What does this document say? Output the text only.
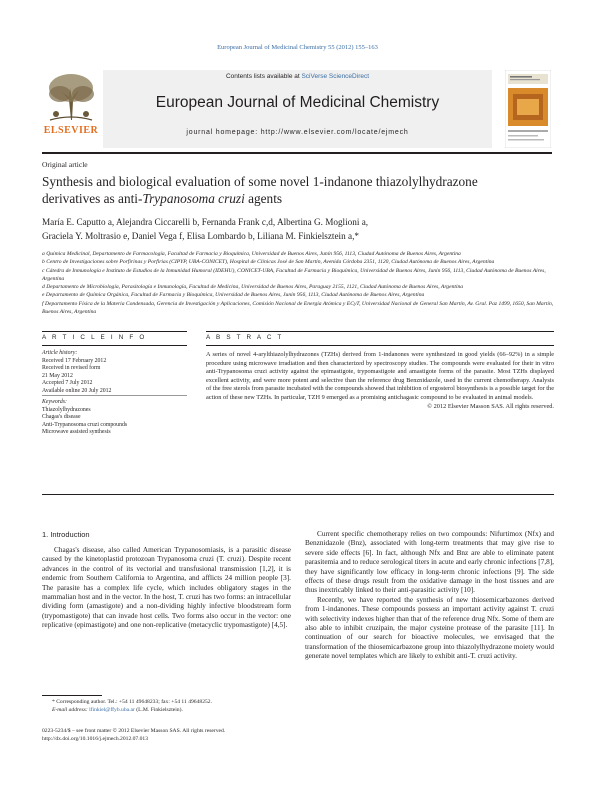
European Journal of Medicinal Chemistry 55 (2012) 155–163
Contents lists available at SciVerse ScienceDirect
European Journal of Medicinal Chemistry
journal homepage: http://www.elsevier.com/locate/ejmech
ELSEVIER
Original article
Synthesis and biological evaluation of some novel 1-indanone thiazolylhydrazone
derivatives as anti-Trypanosoma cruzi agents
María E. Caputto a, Alejandra Ciccarelli b, Fernanda Frank c,d, Albertina G. Moglioni a,
Graciela Y. Moltrasio e, Daniel Vega f, Elisa Lombardo b, Liliana M. Finkielsztein a,*
a Química Medicinal, Departamento de Farmacología, Facultad de Farmacia y Bioquímica, Universidad de Buenos Aires, Junín 956, 1113, Ciudad Autónoma de Buenos Aires, Argentina
b Centro de Investigaciones sobre Porfirinas y Porfirias (CIPYP, UBA-CONICET), Hospital de Clínicas José de San Martín, Avenida Córdoba 2351, 1120, Ciudad Autónoma de Buenos Aires, Argentina
c Cátedra de Inmunología e Instituto de Estudios de la Inmunidad Humoral (IDEHU), CONICET-UBA, Facultad de Farmacia y Bioquímica, Universidad de Buenos Aires, Junín 956, 1113, Ciudad Autónoma de Buenos Aires, Argentina
d Departamento de Microbiología, Parasitología e Inmunología, Facultad de Medicina, Universidad de Buenos Aires, Paraguay 2155, 1121, Ciudad Autónoma de Buenos Aires, Argentina
e Departamento de Química Orgánica, Facultad de Farmacia y Bioquímica, Universidad de Buenos Aires, Junín 956, 1113, Ciudad Autónoma de Buenos Aires, Argentina
f Departamento Física de la Materia Condensada, Gerencia de Investigación y Aplicaciones, Comisión Nacional de Energía Atómica y ECyT, Universidad Nacional de General San Martín, Av. Gral. Paz 1499, 1650, San Martín, Buenos Aires, Argentina
A R T I C L E I N F O	A B S T R A C T
Article history:
Received 17 February 2012
Received in revised form
21 May 2012
Accepted 7 July 2012
Available online 20 July 2012
Keywords:
Thiazolylhydrazones
Chagas's disease
Anti-Trypanosoma cruzi compounds
Microwave assisted synthesis
A series of novel 4-arylthiazolylhydrazones (TZHs) derived from 1-indanones were synthesized in good yields (66–92%) in a simple procedure using microwave irradiation and then characterized by spectroscopy studies. The compounds were evaluated for their in vitro anti-Trypanosoma cruzi activity against the epimastigote, trypomastigote and amastigote forms of the parasite. Most TZHs displayed excellent activity, and were more potent and selective than the reference drug Benznidazole, used in the current chemotherapy. Analysis of the free sterols from parasite incubated with the compounds showed that inhibition of ergosterol biosynthesis is a possible target for the action of these new TZHs. In particular, TZH 9 emerged as a promising antichagasic compound to be evaluated in animal models.
© 2012 Elsevier Masson SAS. All rights reserved.
1. Introduction

Chagas's disease, also called American Trypanosomiasis, is a parasitic disease caused by the kinetoplastid protozoan Trypanosoma cruzi (T. cruzi). Despite recent advances in the control of its vectorial and transfusional transmission [1,2], it is endemic from Southern California to Argentina, and afflicts 24 million people [3]. The parasite has a complex life cycle, which includes obligatory stages in the mammalian host and in the vector. In the host, T. cruzi has two forms: an intracellular dividing form (amastigote) and a non-dividing highly infective bloodstream form (trypomastigote) that can invade host cells. Two forms also occur in the vector: one replicative (epimastigote) and one non-replicative (metacyclic trypomastigote) [4,5].

Current specific chemotherapy relies on two compounds: Nifurtimox (Nfx) and Benznidazole (Bnz), associated with long-term treatments that may give rise to severe side effects [6]. In fact, although Nfx and Bnz are able to eliminate patent parasitemia and to reduce serological titers in acute and early chronic infections [7,8], they have significantly low efficacy in long-term chronic infections [9]. The side effects of these drugs result from the oxidative damage in the host tissues and are thus inextricably linked to their anti-parasitic activity [10].

Recently, we have reported the synthesis of new thiosemicarbazones derived from 1-indanones. These compounds possess an important activity against T. cruzi with selectivity indexes higher than that of the reference drug Nfx. Some of them are also able to inhibit cruzipain, the major cysteine protease of the parasite [11]. In continuation of our search for bioactive molecules, we envisaged that the transformation of the thiosemicarbazone group into thiazolylhydrazone moiety would generate novel templates which are likely to exhibit anti-T. cruzi activity.

* Corresponding author. Tel.: +54 11 49648233; fax: +54 11 49648252.
E-mail address: lfinkiel@ffyb.uba.ar (L.M. Finkielsztein).
0223-5234/$ – see front matter © 2012 Elsevier Masson SAS. All rights reserved.
http://dx.doi.org/10.1016/j.ejmech.2012.07.013
